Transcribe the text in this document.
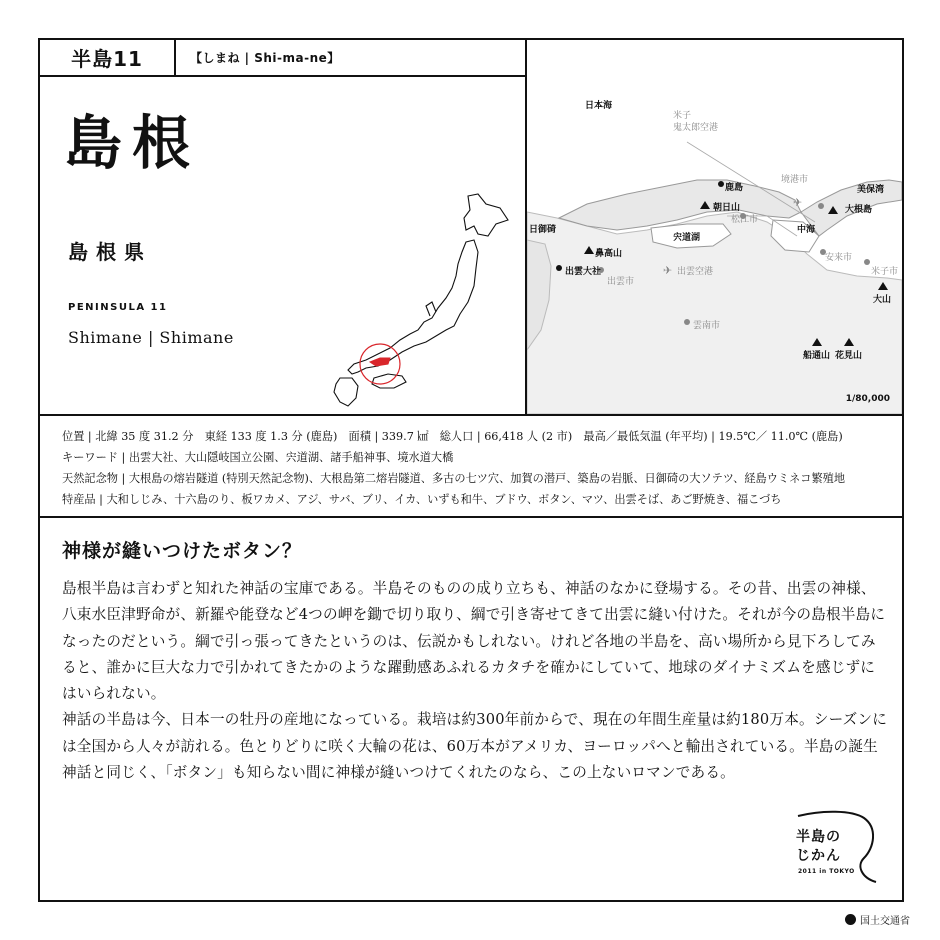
半島11	【しまね | Shi-ma-ne】
島根
島根県
PENINSULA 11
Shimane | Shimane
✈
✈
日本海
米子
鬼太郎空港
境港市
美保湾
大根島
松江市
中海
安来市
米子市
大山
宍道湖
朝日山
鹿島
日御碕
鼻高山
出雲大社
出雲市
出雲空港
雲南市
船通山 花見山
1/80,000
位置 | 北緯 35 度 31.2 分　東経 133 度 1.3 分 (鹿島)　面積 | 339.7 ㎢　総人口 | 66,418 人 (2 市)　最高／最低気温 (年平均) | 19.5℃／ 11.0℃ (鹿島)
キーワード | 出雲大社、大山隠岐国立公園、宍道湖、諸手船神事、境水道大橋
天然記念物 | 大根島の熔岩隧道 (特別天然記念物)、大根島第二熔岩隧道、多古の七ツ穴、加賀の潜戸、築島の岩脈、日御碕の大ソテツ、経島ウミネコ繁殖地
特産品 | 大和しじみ、十六島のり、板ワカメ、アジ、サバ、ブリ、イカ、いずも和牛、ブドウ、ボタン、マツ、出雲そば、あご野焼き、福こづち
神様が縫いつけたボタン？

島根半島は言わずと知れた神話の宝庫である。半島そのものの成り立ちも、神話のなかに登場する。その昔、出雲の神様、八束水臣津野命が、新羅や能登など4つの岬を鋤で切り取り、綱で引き寄せてきて出雲に縫い付けた。それが今の島根半島になったのだという。綱で引っ張ってきたというのは、伝説かもしれない。けれど各地の半島を、高い場所から見下ろしてみると、誰かに巨大な力で引かれてきたかのような躍動感あふれるカタチを確かにしていて、地球のダイナミズムを感じずにはいられない。

神話の半島は今、日本一の牡丹の産地になっている。栽培は約300年前からで、現在の年間生産量は約180万本。シーズンには全国から人々が訪れる。色とりどりに咲く大輪の花は、60万本がアメリカ、ヨーロッパへと輸出されている。半島の誕生神話と同じく、「ボタン」も知らない間に神様が縫いつけてくれたのなら、この上ないロマンである。

半島の
じかん
2011 in TOKYO
国土交通省
